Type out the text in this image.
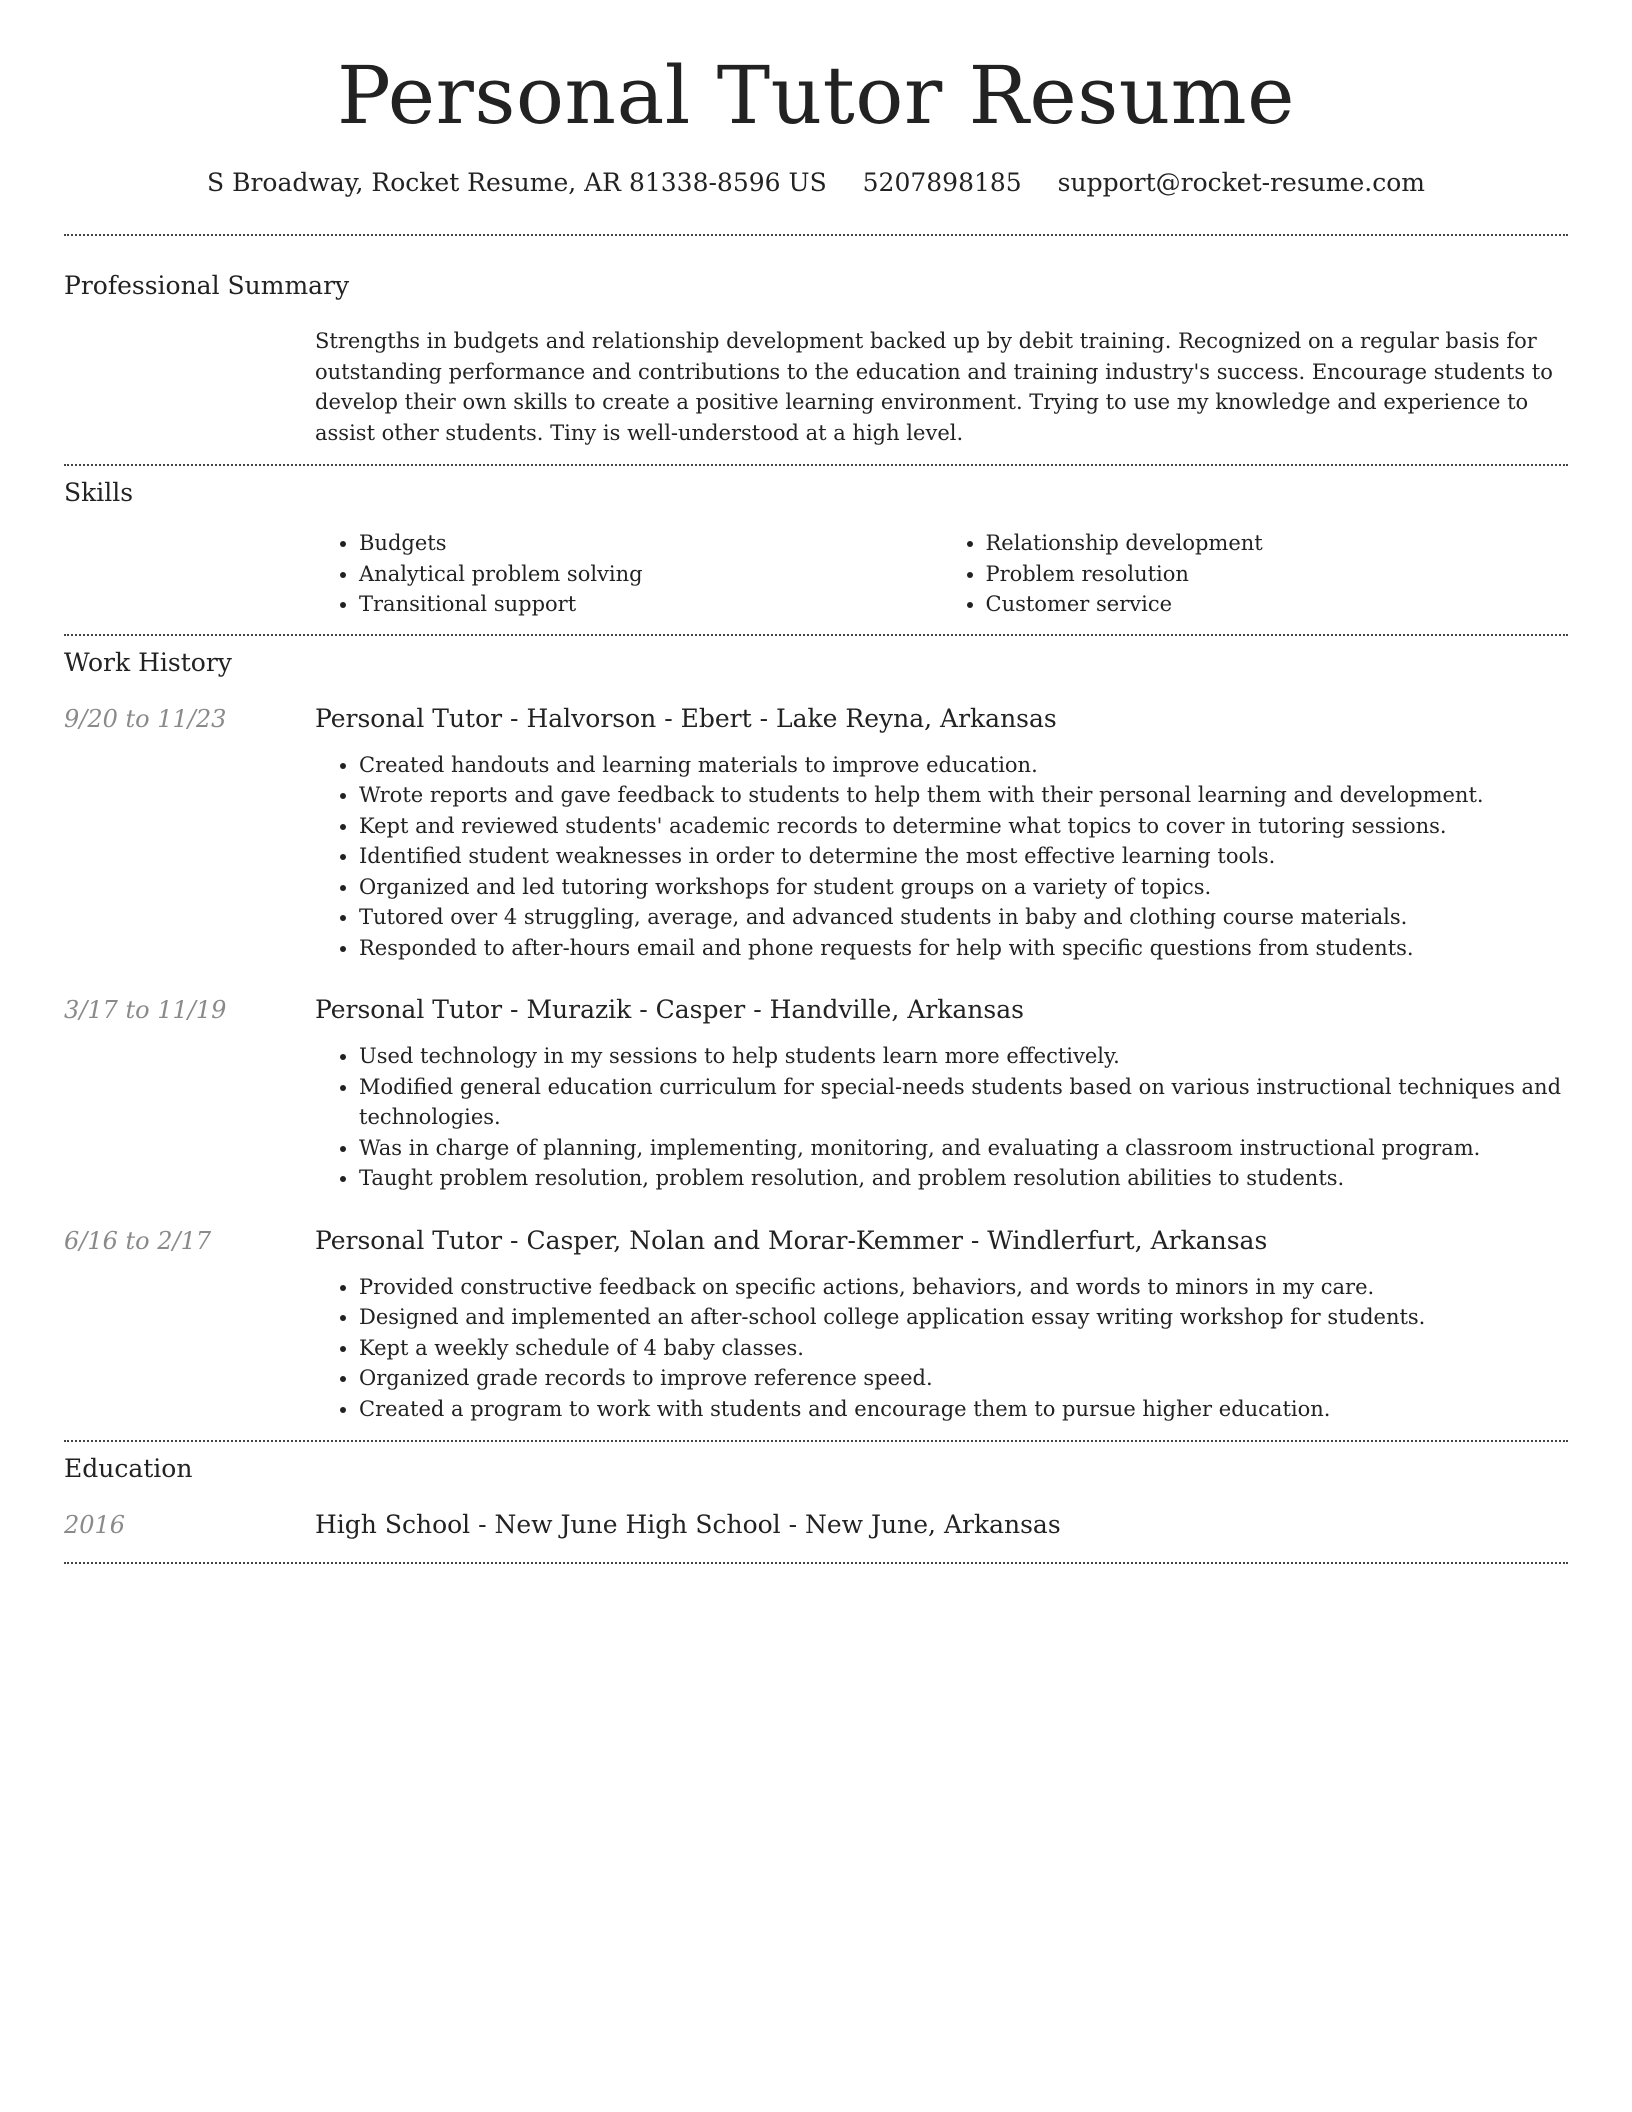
Personal Tutor Resume
S Broadway, Rocket Resume, AR 81338-8596 US 5207898185 support@rocket-resume.com
Professional Summary

Strengths in budgets and relationship development backed up by debit training. Recognized on a regular basis for outstanding performance and contributions to the education and training industry's success. Encourage students to develop their own skills to create a positive learning environment. Trying to use my knowledge and experience to assist other students. Tiny is well-understood at a high level.

Skills
• Budgets
• Analytical problem solving
• Transitional support
• Relationship development
• Problem resolution
• Customer service
Work History
9/20 to 11/23	Personal Tutor - Halvorson - Ebert - Lake Reyna, Arkansas
• Created handouts and learning materials to improve education.
• Wrote reports and gave feedback to students to help them with their personal learning and development.
• Kept and reviewed students' academic records to determine what topics to cover in tutoring sessions.
• Identified student weaknesses in order to determine the most effective learning tools.
• Organized and led tutoring workshops for student groups on a variety of topics.
• Tutored over 4 struggling, average, and advanced students in baby and clothing course materials.
• Responded to after-hours email and phone requests for help with specific questions from students.
3/17 to 11/19	Personal Tutor - Murazik - Casper - Handville, Arkansas
• Used technology in my sessions to help students learn more effectively.
• Modified general education curriculum for special-needs students based on various instructional techniques and technologies.
• Was in charge of planning, implementing, monitoring, and evaluating a classroom instructional program.
• Taught problem resolution, problem resolution, and problem resolution abilities to students.
6/16 to 2/17	Personal Tutor - Casper, Nolan and Morar-Kemmer - Windlerfurt, Arkansas
• Provided constructive feedback on specific actions, behaviors, and words to minors in my care.
• Designed and implemented an after-school college application essay writing workshop for students.
• Kept a weekly schedule of 4 baby classes.
• Organized grade records to improve reference speed.
• Created a program to work with students and encourage them to pursue higher education.
Education
2016	High School - New June High School - New June, Arkansas
